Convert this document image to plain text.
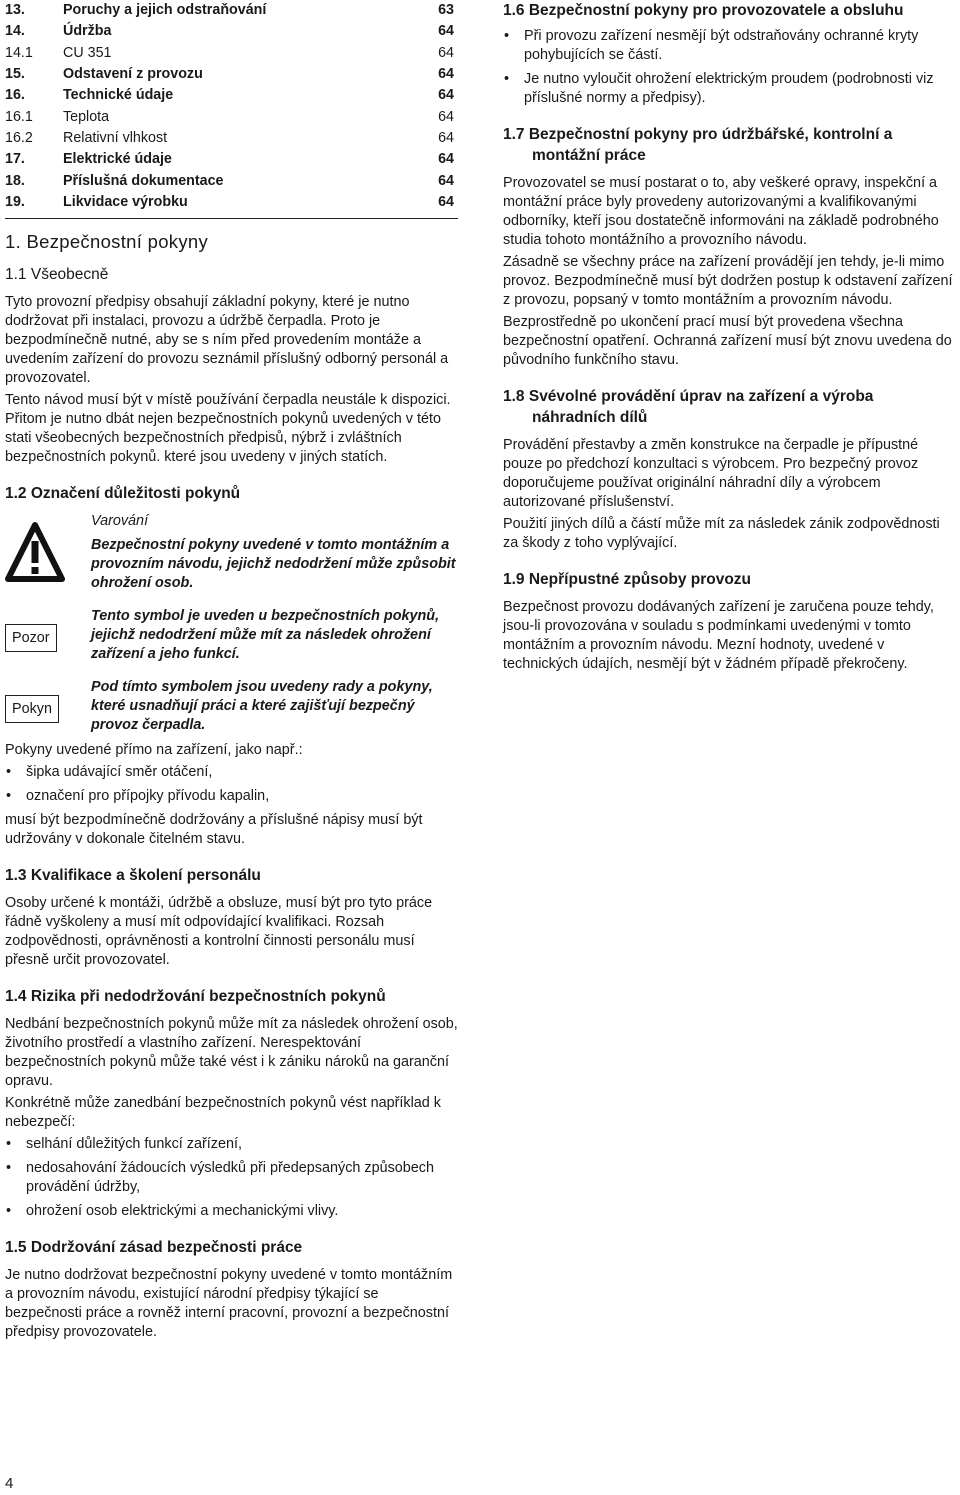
13.	Poruchy a jejich odstraňování	63
14.	Údržba	64
14.1	CU 351	64
15.	Odstavení z provozu	64
16.	Technické údaje	64
16.1	Teplota	64
16.2	Relativní vlhkost	64
17.	Elektrické údaje	64
18.	Příslušná dokumentace	64
19.	Likvidace výrobku	64
1. Bezpečnostní pokyny
1.1 Všeobecně

Tyto provozní předpisy obsahují základní pokyny, které je nutno dodržovat při instalaci, provozu a údržbě čerpadla. Proto je bezpodmínečně nutné, aby se s ním před provedením montáže a uvedením zařízení do provozu seznámil příslušný odborný personál a provozovatel.

Tento návod musí být v místě používání čerpadla neustále k dispozici. Přitom je nutno dbát nejen bezpečnostních pokynů uvedených v této stati všeobecných bezpečnostních předpisů, nýbrž i zvláštních bezpečnostních pokynů. které jsou uvedeny v jiných statích.

1.2 Označení důležitosti pokynů
Varování
Bezpečnostní pokyny uvedené v tomto montážním a provozním návodu, jejichž nedodržení může způsobit ohrožení osob.
Pozor
Tento symbol je uveden u bezpečnostních pokynů, jejichž nedodržení může mít za následek ohrožení zařízení a jeho funkcí.
Pokyn
Pod tímto symbolem jsou uvedeny rady a pokyny, které usnadňují práci a které zajišťují bezpečný provoz čerpadla.

Pokyny uvedené přímo na zařízení, jako např.:

• šipka udávající směr otáčení,
• označení pro přípojky přívodu kapalin,

musí být bezpodmínečně dodržovány a příslušné nápisy musí být udržovány v dokonale čitelném stavu.

1.3 Kvalifikace a školení personálu

Osoby určené k montáži, údržbě a obsluze, musí být pro tyto práce řádně vyškoleny a musí mít odpovídající kvalifikaci. Rozsah zodpovědnosti, oprávněnosti a kontrolní činnosti personálu musí přesně určit provozovatel.

1.4 Rizika při nedodržování bezpečnostních pokynů

Nedbání bezpečnostních pokynů může mít za následek ohrožení osob, životního prostředí a vlastního zařízení. Nerespektování bezpečnostních pokynů může také vést i k zániku nároků na garanční opravu.

Konkrétně může zanedbání bezpečnostních pokynů vést například k nebezpečí:

• selhání důležitých funkcí zařízení,
• nedosahování žádoucích výsledků při předepsaných způsobech provádění údržby,
• ohrožení osob elektrickými a mechanickými vlivy.
1.5 Dodržování zásad bezpečnosti práce

Je nutno dodržovat bezpečnostní pokyny uvedené v tomto montážním a provozním návodu, existující národní předpisy týkající se bezpečnosti práce a rovněž interní pracovní, provozní a bezpečnostní předpisy provozovatele.

1.6 Bezpečnostní pokyny pro provozovatele a obsluhu
• Při provozu zařízení nesmějí být odstraňovány ochranné kryty pohybujících se částí.
• Je nutno vyloučit ohrožení elektrickým proudem (podrobnosti viz příslušné normy a předpisy).
1.7 Bezpečnostní pokyny pro údržbářské, kontrolní a montážní práce

Provozovatel se musí postarat o to, aby veškeré opravy, inspekční a montážní práce byly provedeny autorizovanými a kvalifikovanými odborníky, kteří jsou dostatečně informováni na základě podrobného studia tohoto montážního a provozního návodu.

Zásadně se všechny práce na zařízení provádějí jen tehdy, je-li mimo provoz. Bezpodmínečně musí být dodržen postup k odstavení zařízení z provozu, popsaný v tomto montážním a provozním návodu.

Bezprostředně po ukončení prací musí být provedena všechna bezpečnostní opatření. Ochranná zařízení musí být znovu uvedena do původního funkčního stavu.

1.8 Svévolné provádění úprav na zařízení a výroba náhradních dílů

Provádění přestavby a změn konstrukce na čerpadle je přípustné pouze po předchozí konzultaci s výrobcem. Pro bezpečný provoz doporučujeme používat originální náhradní díly a výrobcem autorizované příslušenství.

Použití jiných dílů a částí může mít za následek zánik zodpovědnosti za škody z toho vyplývající.

1.9 Nepřípustné způsoby provozu

Bezpečnost provozu dodávaných zařízení je zaručena pouze tehdy, jsou-li provozována v souladu s podmínkami uvedenými v tomto montážním a provozním návodu. Mezní hodnoty, uvedené v technických údajích, nesmějí být v žádném případě překročeny.

4
